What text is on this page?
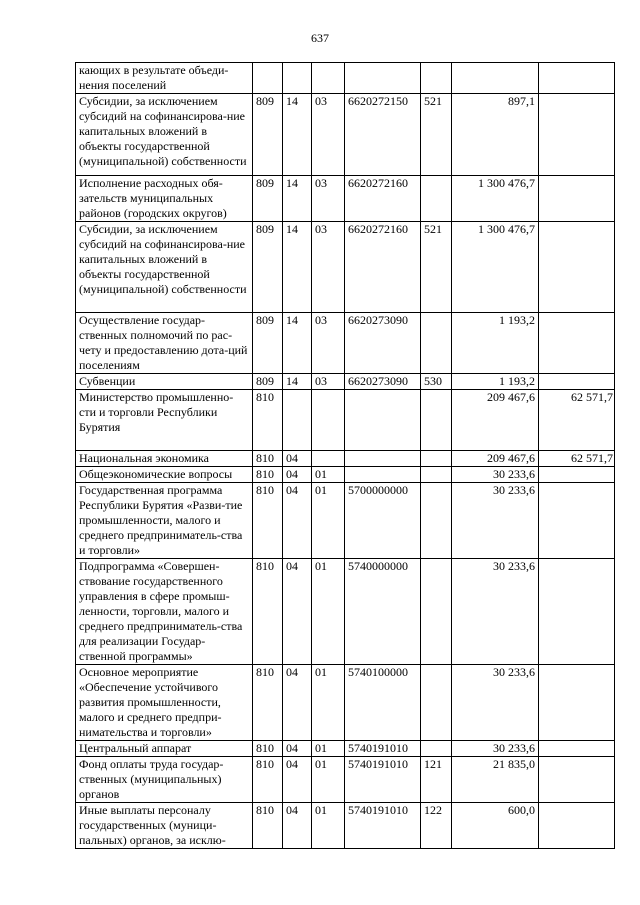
637
кающих в результате объеди-
нения поселений							
Субсидии, за исключением субсидий на софинансирова-ние капитальных вложений в объекты государственной (муниципальной) собственности	809	14	03	6620272150	521	897,1	
Исполнение расходных обя-зательств муниципальных районов (городских округов)	809	14	03	6620272160		1 300 476,7	
Субсидии, за исключением субсидий на софинансирова-ние капитальных вложений в объекты государственной (муниципальной) собственности	809	14	03	6620272160	521	1 300 476,7	
Осуществление государ-ственных полномочий по рас-чету и предоставлению дота-ций поселениям	809	14	03	6620273090		1 193,2	
Субвенции	809	14	03	6620273090	530	1 193,2	
Министерство промышленно-сти и торговли Республики Бурятия	810					209 467,6	62 571,7
Национальная экономика	810	04				209 467,6	62 571,7
Общеэкономические вопросы	810	04	01			30 233,6	
Государственная программа Республики Бурятия «Разви-тие промышленности, малого и среднего предприниматель-ства и торговли»	810	04	01	5700000000		30 233,6	
Подпрограмма «Совершен-ствование государственного управления в сфере промыш-ленности, торговли, малого и среднего предприниматель-ства для реализации Государ-ственной программы»	810	04	01	5740000000		30 233,6	
Основное мероприятие «Обеспечение устойчивого развития промышленности, малого и среднего предпри-нимательства и торговли»	810	04	01	5740100000		30 233,6	
Центральный аппарат	810	04	01	5740191010		30 233,6	
Фонд оплаты труда государ-ственных (муниципальных) органов	810	04	01	5740191010	121	21 835,0	
Иные выплаты персоналу государственных (муници-пальных) органов, за исклю-	810	04	01	5740191010	122	600,0	
